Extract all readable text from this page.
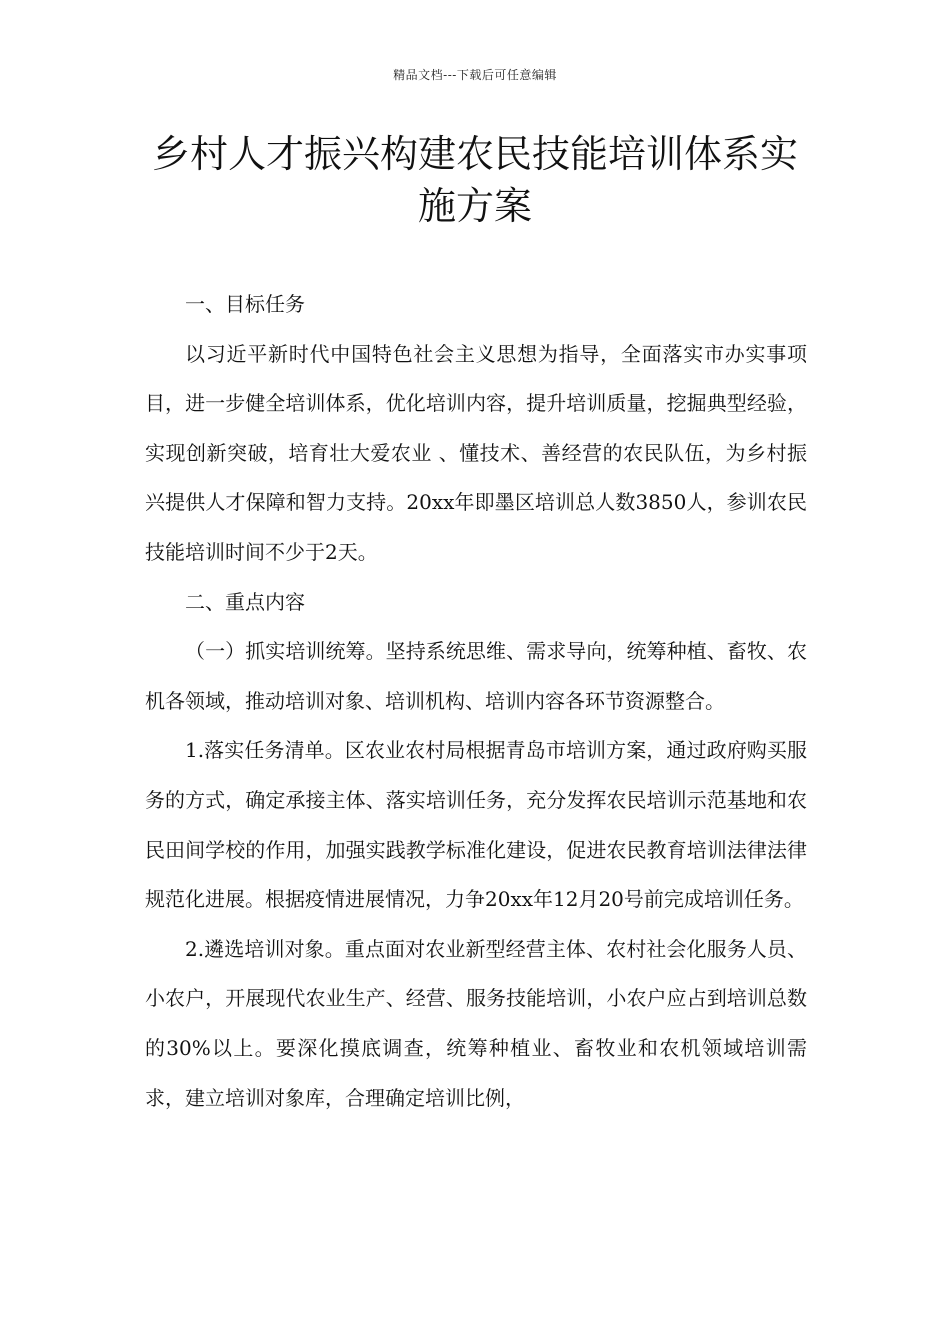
精品文档---下载后可任意编辑
乡村人才振兴构建农民技能培训体系实施方案

一、目标任务

以习近平新时代中国特色社会主义思想为指导，全面落实市办实事项目，进一步健全培训体系，优化培训内容，提升培训质量，挖掘典型经验，实现创新突破，培育壮大爱农业 、懂技术、善经营的农民队伍，为乡村振兴提供人才保障和智力支持。20xx年即墨区培训总人数3850人，参训农民技能培训时间不少于2天。

二、重点内容

（一）抓实培训统筹。坚持系统思维、需求导向，统筹种植、畜牧、农机各领域，推动培训对象、培训机构、培训内容各环节资源整合。

1.落实任务清单。区农业农村局根据青岛市培训方案，通过政府购买服务的方式，确定承接主体、落实培训任务，充分发挥农民培训示范基地和农民田间学校的作用，加强实践教学标准化建设，促进农民教育培训法律法律规范化进展。根据疫情进展情况，力争20xx年12月20号前完成培训任务。

2.遴选培训对象。重点面对农业新型经营主体、农村社会化服务人员、小农户，开展现代农业生产、经营、服务技能培训，小农户应占到培训总数的30%以上。要深化摸底调查，统筹种植业、畜牧业和农机领域培训需求，建立培训对象库，合理确定培训比例，
